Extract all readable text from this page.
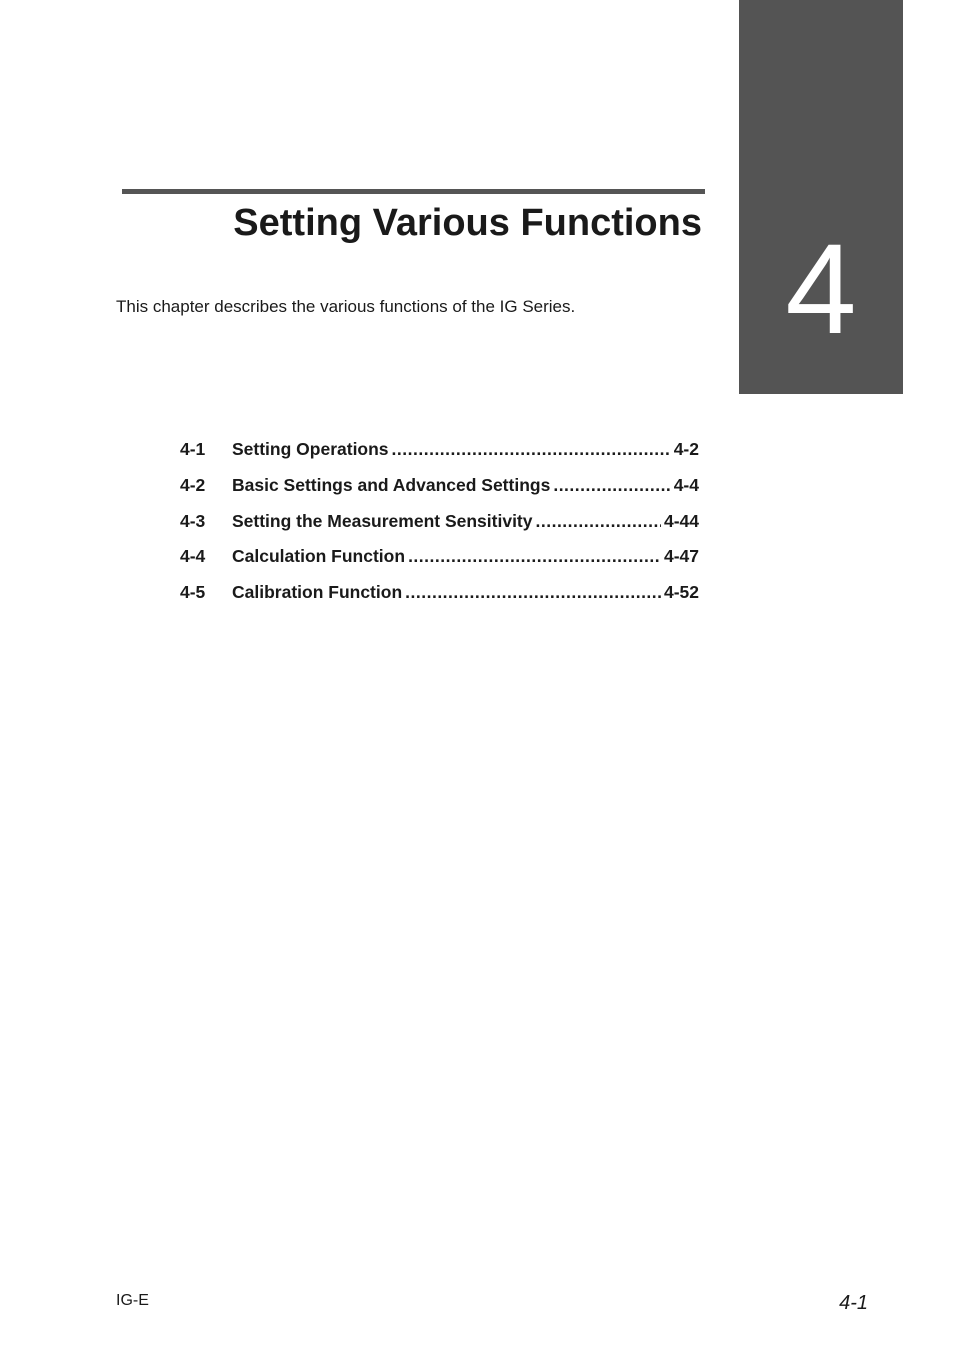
4
Setting Various Functions
This chapter describes the various functions of the IG Series.
4-1	Setting Operations .....	4-2
4-2	Basic Settings and Advanced Settings .....	4-4
4-3	Setting the Measurement Sensitivity .....	4-44
4-4	Calculation Function .....	4-47
4-5	Calibration Function .....	4-52
IG-E	4-1
